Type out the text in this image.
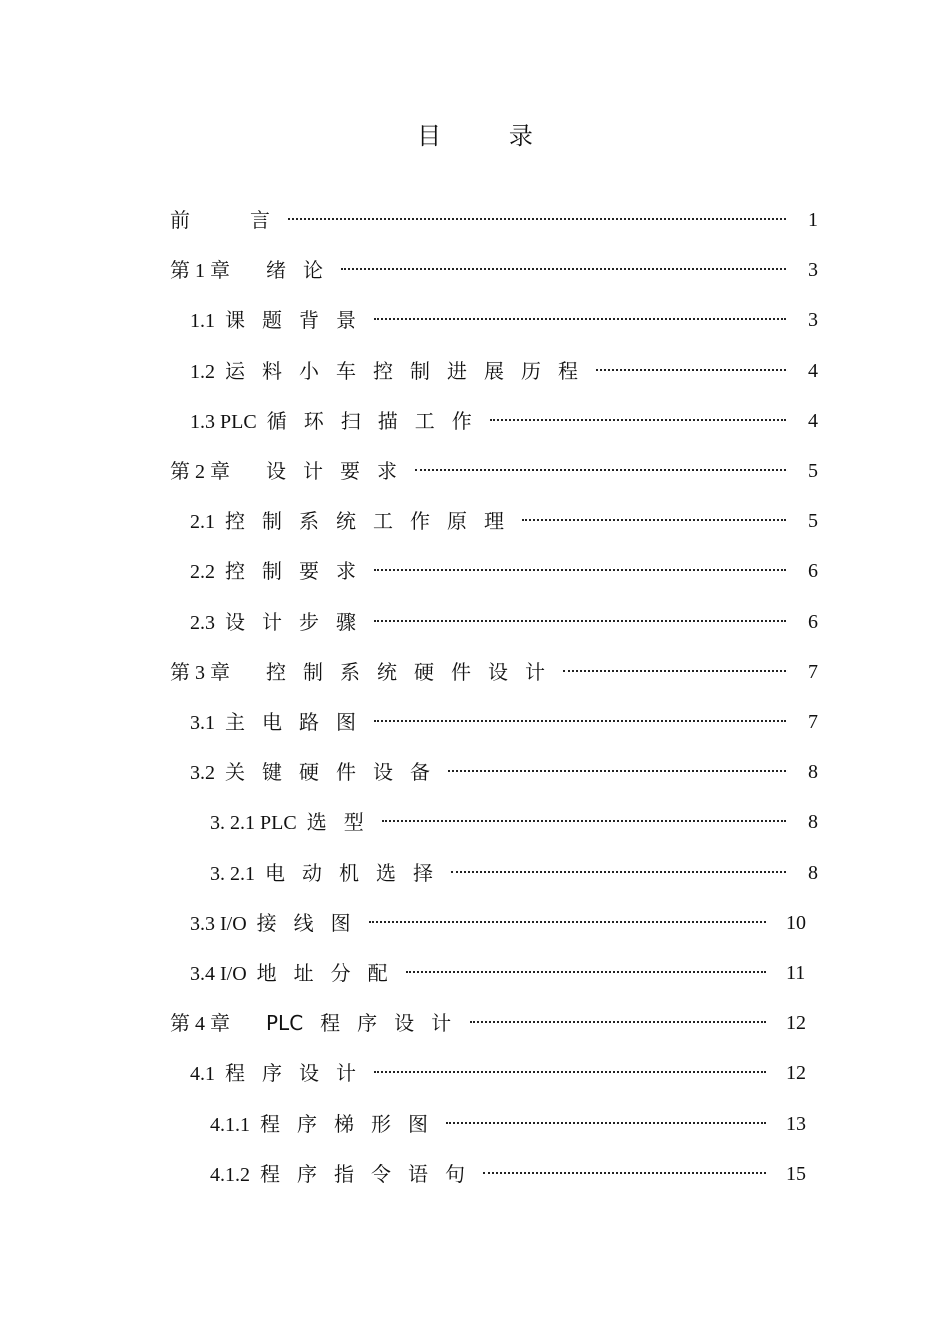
目	录
前	言	1
第 1 章 绪 论	3
1.1 课 题 背 景	3
1.2 运 料 小 车 控 制 进 展 历 程	4
1.3 PLC 循 环 扫 描 工 作	4
第 2 章 设 计 要 求	5
2.1 控 制 系 统 工 作 原 理	5
2.2 控 制 要 求	6
2.3 设 计 步 骤	6
第 3 章 控 制 系 统 硬 件 设 计	7
3.1 主 电 路 图	7
3.2 关 键 硬 件 设 备	8
3. 2.1 PLC 选 型	8
3. 2.1 电 动 机 选 择	8
3.3 I/O 接 线 图	10
3.4 I/O 地 址 分 配	11
第 4 章 PLC 程 序 设 计	12
4.1 程 序 设 计	12
4.1.1 程 序 梯 形 图	13
4.1.2 程 序 指 令 语 句	15
